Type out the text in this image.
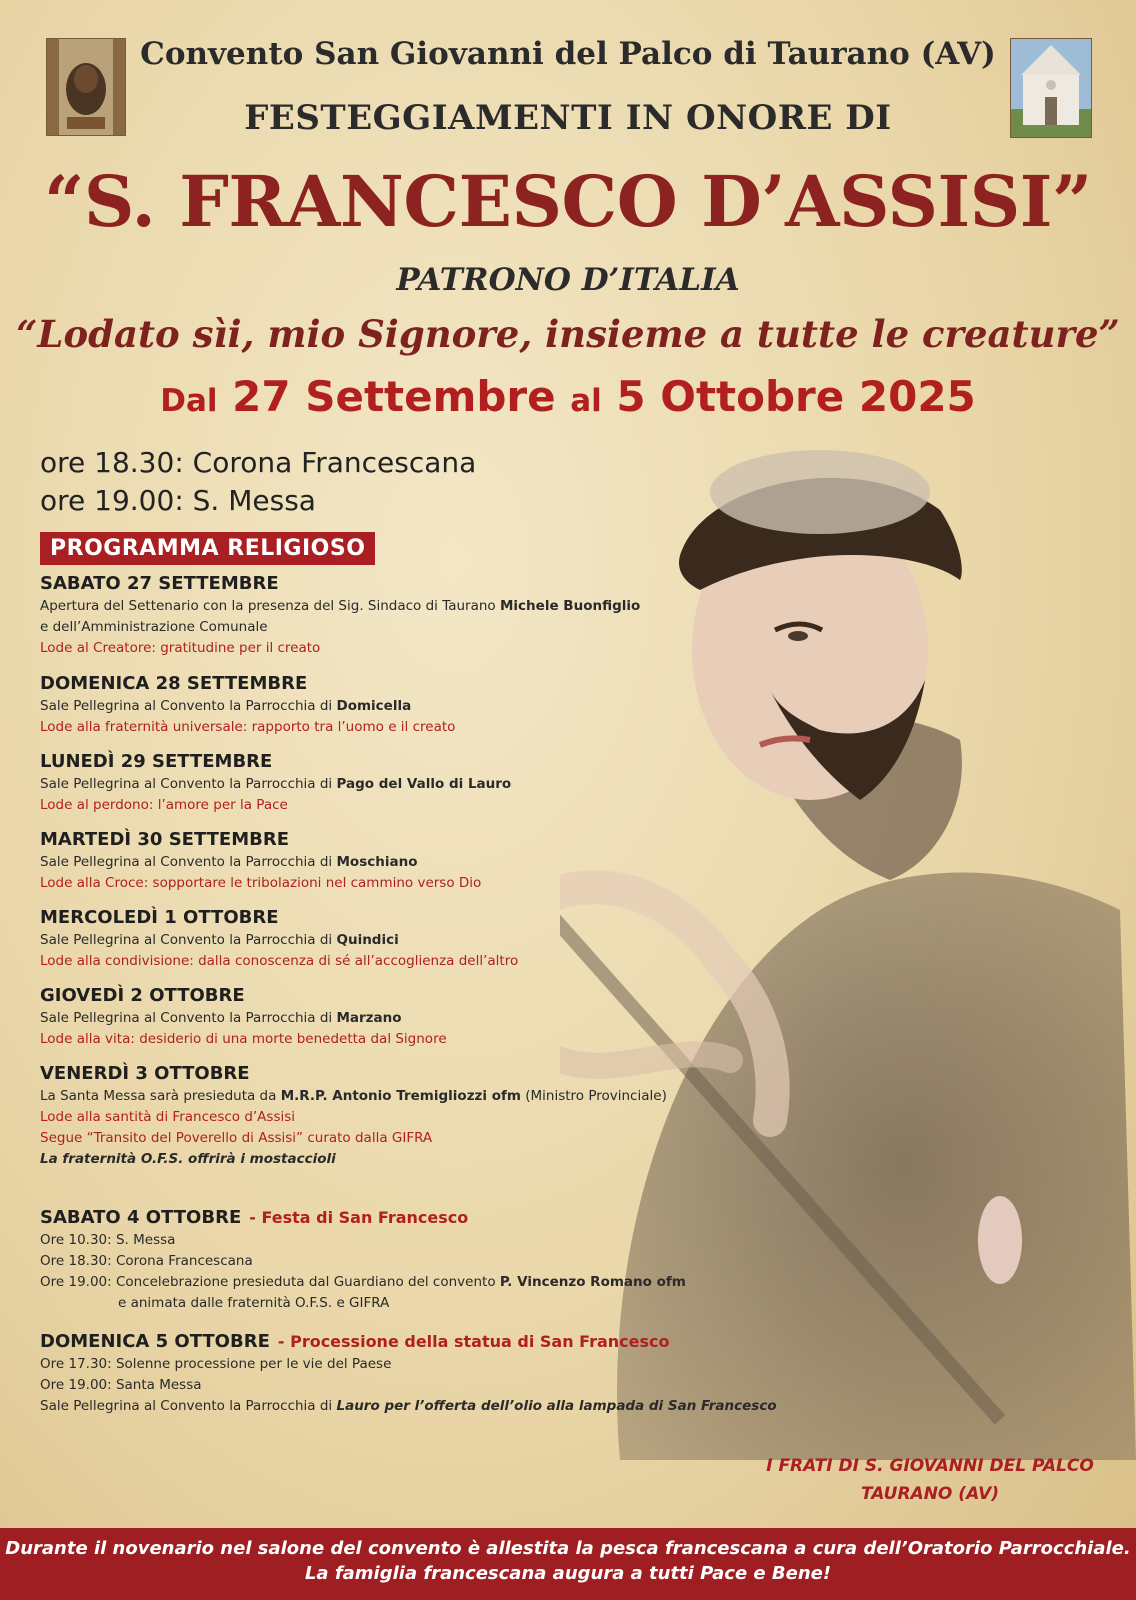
Convento San Giovanni del Palco di Taurano (AV)
FESTEGGIAMENTI IN ONORE DI
“S. FRANCESCO D’ASSISI”
PATRONO D’ITALIA
“Lodato sìi, mio Signore, insieme a tutte le creature”
Dal 27 Settembre al 5 Ottobre 2025
ore 18.30: Corona Francescana
ore 19.00: S. Messa
PROGRAMMA RELIGIOSO
SABATO 27 SETTEMBRE
Apertura del Settenario con la presenza del Sig. Sindaco di Taurano Michele Buonfiglio
e dell’Amministrazione Comunale
Lode al Creatore: gratitudine per il creato
DOMENICA 28 SETTEMBRE
Sale Pellegrina al Convento la Parrocchia di Domicella
Lode alla fraternità universale: rapporto tra l’uomo e il creato
LUNEDÌ 29 SETTEMBRE
Sale Pellegrina al Convento la Parrocchia di Pago del Vallo di Lauro
Lode al perdono: l’amore per la Pace
MARTEDÌ 30 SETTEMBRE
Sale Pellegrina al Convento la Parrocchia di Moschiano
Lode alla Croce: sopportare le tribolazioni nel cammino verso Dio
MERCOLEDÌ 1 OTTOBRE
Sale Pellegrina al Convento la Parrocchia di Quindici
Lode alla condivisione: dalla conoscenza di sé all’accoglienza dell’altro
GIOVEDÌ 2 OTTOBRE
Sale Pellegrina al Convento la Parrocchia di Marzano
Lode alla vita: desiderio di una morte benedetta dal Signore
VENERDÌ 3 OTTOBRE
La Santa Messa sarà presieduta da M.R.P. Antonio Tremigliozzi ofm (Ministro Provinciale)
Lode alla santità di Francesco d’Assisi
Segue “Transito del Poverello di Assisi” curato dalla GIFRA
La fraternità O.F.S. offrirà i mostaccioli
SABATO 4 OTTOBRE - Festa di San Francesco
Ore 10.30: S. Messa
Ore 18.30: Corona Francescana
Ore 19.00: Concelebrazione presieduta dal Guardiano del convento P. Vincenzo Romano ofm
e animata dalle fraternità O.F.S. e GIFRA
DOMENICA 5 OTTOBRE - Processione della statua di San Francesco
Ore 17.30: Solenne processione per le vie del Paese
Ore 19.00: Santa Messa
Sale Pellegrina al Convento la Parrocchia di Lauro per l’offerta dell’olio alla lampada di San Francesco
I FRATI DI S. GIOVANNI DEL PALCO
TAURANO (AV)
Durante il novenario nel salone del convento è allestita la pesca francescana a cura dell’Oratorio Parrocchiale.
La famiglia francescana augura a tutti Pace e Bene!
